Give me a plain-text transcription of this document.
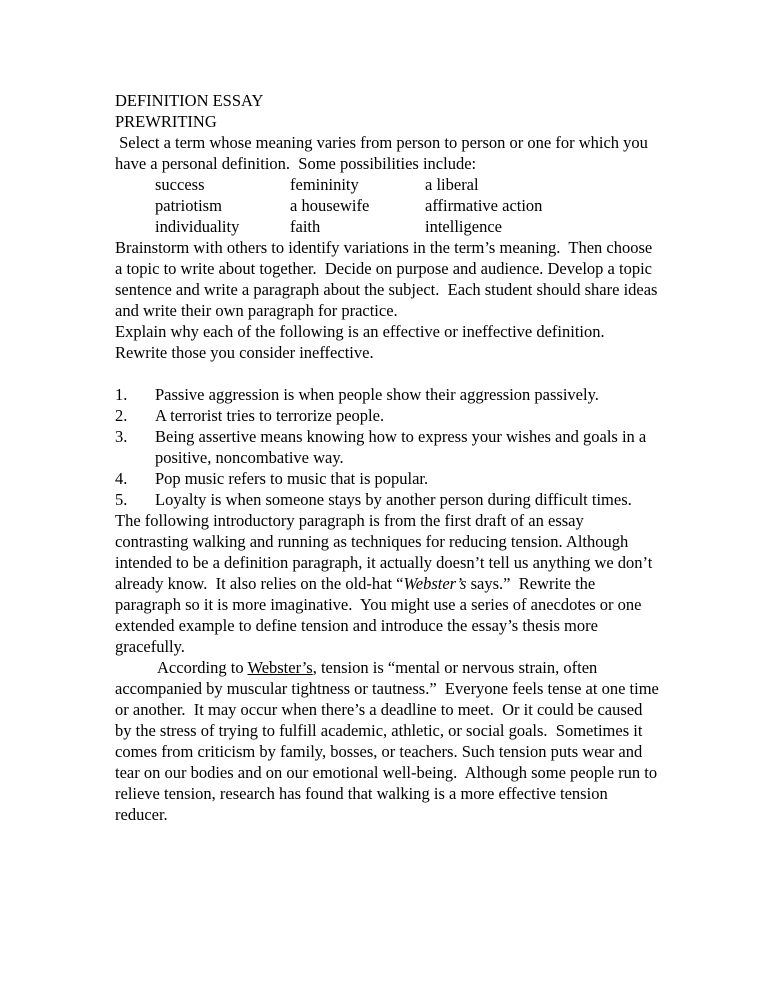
DEFINITION ESSAY
PREWRITING

Select a term whose meaning varies from person to person or one for which you have a personal definition.  Some possibilities include:

success	femininity	a liberal
patriotism	a housewife	affirmative action
individuality	faith	intelligence

Brainstorm with others to identify variations in the term’s meaning.  Then choose a topic to write about together.  Decide on purpose and audience. Develop a topic sentence and write a paragraph about the subject.  Each student should share ideas and write their own paragraph for practice.

Explain why each of the following is an effective or ineffective definition. Rewrite those you consider ineffective.

1.	Passive aggression is when people show their aggression passively.
2.	A terrorist tries to terrorize people.
3.	Being assertive means knowing how to express your wishes and goals in a positive, noncombative way.
4.	Pop music refers to music that is popular.
5.	Loyalty is when someone stays by another person during difficult times.

The following introductory paragraph is from the first draft of an essay contrasting walking and running as techniques for reducing tension. Although intended to be a definition paragraph, it actually doesn’t tell us anything we don’t already know.  It also relies on the old-hat “Webster’s says.”  Rewrite the paragraph so it is more imaginative.  You might use a series of anecdotes or one extended example to define tension and introduce the essay’s thesis more gracefully.

According to Webster’s, tension is “mental or nervous strain, often accompanied by muscular tightness or tautness.”  Everyone feels tense at one time or another.  It may occur when there’s a deadline to meet.  Or it could be caused by the stress of trying to fulfill academic, athletic, or social goals.  Sometimes it comes from criticism by family, bosses, or teachers. Such tension puts wear and tear on our bodies and on our emotional well-being.  Although some people run to relieve tension, research has found that walking is a more effective tension reducer.
